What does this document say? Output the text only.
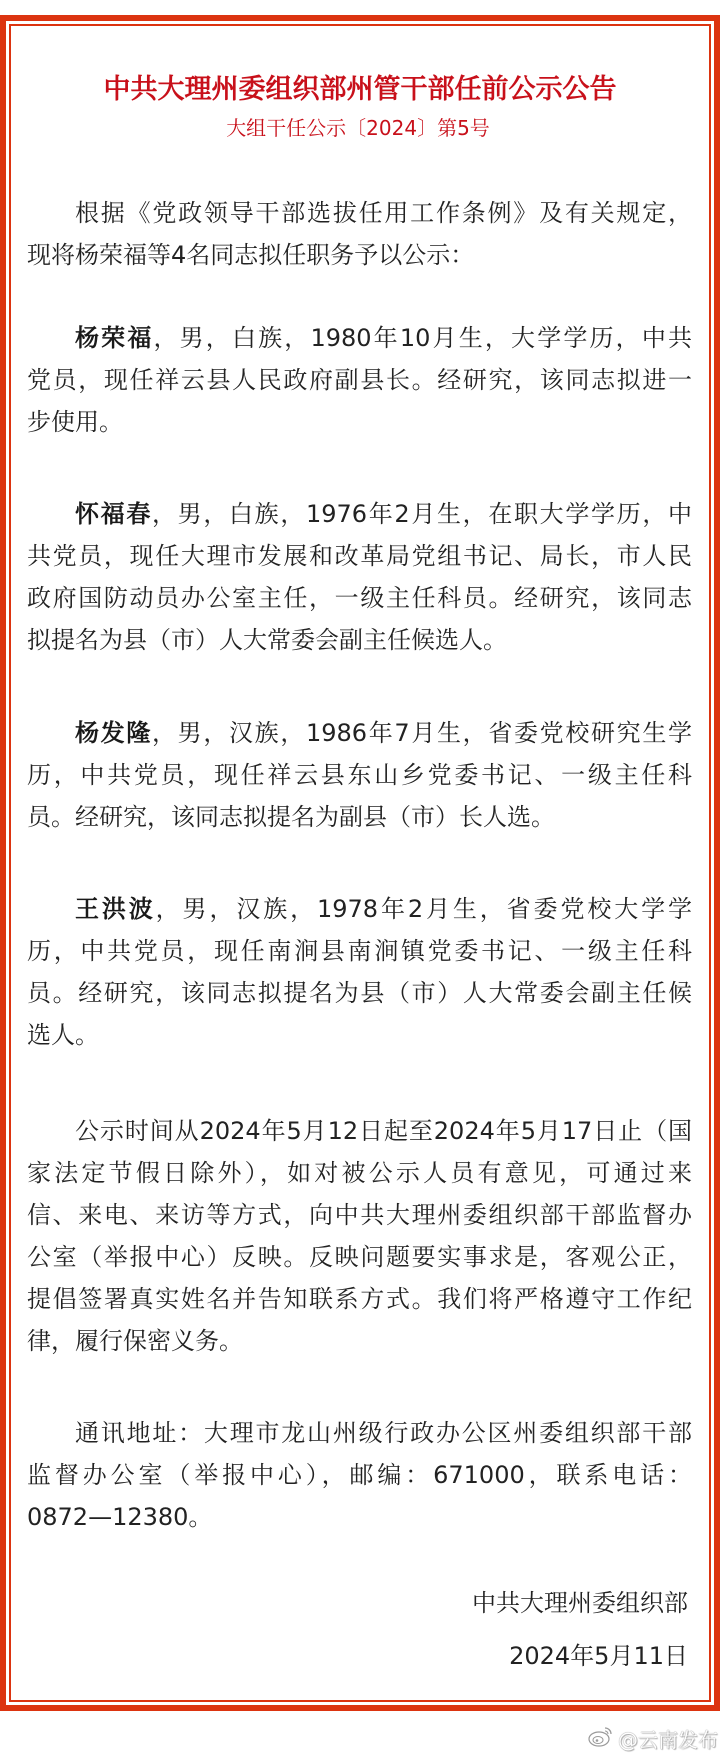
中共大理州委组织部州管干部任前公示公告
大组干任公示〔2024〕第5号
根据《党政领导干部选拔任用工作条例》及有关规定，
现将杨荣福等4名同志拟任职务予以公示：
杨荣福，男，白族，1980年10月生，大学学历，中共
党员，现任祥云县人民政府副县长。经研究，该同志拟进一
步使用。
怀福春，男，白族，1976年2月生，在职大学学历，中
共党员，现任大理市发展和改革局党组书记、局长，市人民
政府国防动员办公室主任，一级主任科员。经研究，该同志
拟提名为县（市）人大常委会副主任候选人。
杨发隆，男，汉族，1986年7月生，省委党校研究生学
历，中共党员，现任祥云县东山乡党委书记、一级主任科
员。经研究，该同志拟提名为副县（市）长人选。
王洪波，男，汉族，1978年2月生，省委党校大学学
历，中共党员，现任南涧县南涧镇党委书记、一级主任科
员。经研究，该同志拟提名为县（市）人大常委会副主任候
选人。
公示时间从2024年5月12日起至2024年5月17日止（国
家法定节假日除外），如对被公示人员有意见，可通过来
信、来电、来访等方式，向中共大理州委组织部干部监督办
公室（举报中心）反映。反映问题要实事求是，客观公正，
提倡签署真实姓名并告知联系方式。我们将严格遵守工作纪
律，履行保密义务。
通讯地址：大理市龙山州级行政办公区州委组织部干部
监督办公室（举报中心），邮编：671000，联系电话：
0872—12380。
中共大理州委组织部
2024年5月11日
@云南发布
